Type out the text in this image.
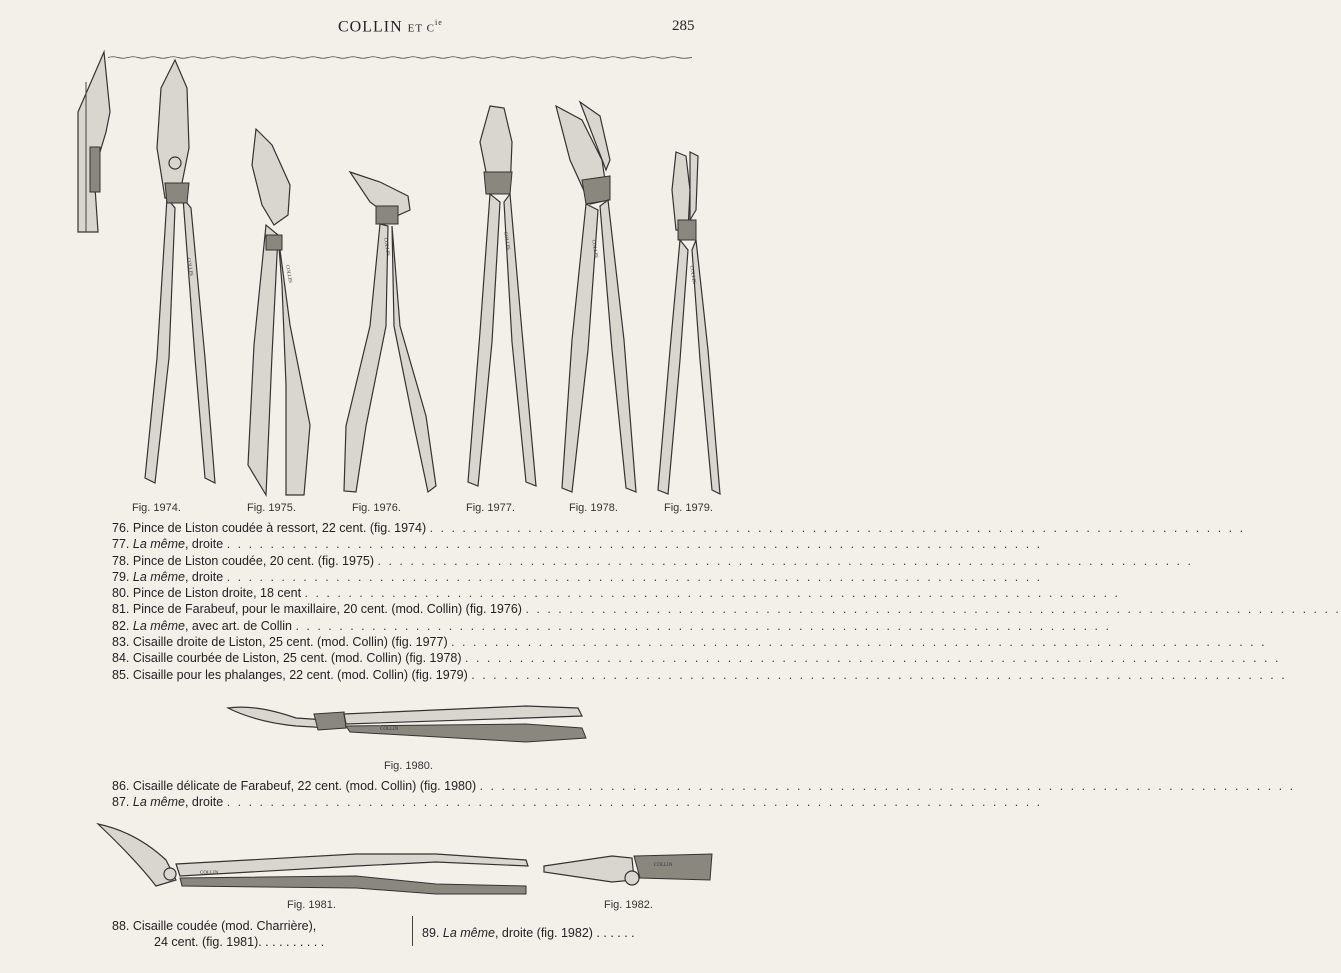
COLLIN ET $C^{ie}$	285
COLLIN	COLLIN
COLLIN	COLLIN	COLLIN
COLLIN
Fig. 1974.	Fig. 1975.	Fig. 1976.	Fig. 1977.	Fig. 1978.	Fig. 1979.
76. Pince de Liston coudée à ressort, 22 cent. (fig. 1974) . . . . . . . . . . . . . . . . . . . . . . . . . . . . . . . . . . . . . . . . . . . . . . . . . . . . . . . . . . . . . . . . . . . . . . . . . . .
77. La même, droite . . . . . . . . . . . . . . . . . . . . . . . . . . . . . . . . . . . . . . . . . . . . . . . . . . . . . . . . . . . . . . . . . . . . . . . . . . .
78. Pince de Liston coudée, 20 cent. (fig. 1975) . . . . . . . . . . . . . . . . . . . . . . . . . . . . . . . . . . . . . . . . . . . . . . . . . . . . . . . . . . . . . . . . . . . . . . . . . . .
79. La même, droite . . . . . . . . . . . . . . . . . . . . . . . . . . . . . . . . . . . . . . . . . . . . . . . . . . . . . . . . . . . . . . . . . . . . . . . . . . .
80. Pince de Liston droite, 18 cent . . . . . . . . . . . . . . . . . . . . . . . . . . . . . . . . . . . . . . . . . . . . . . . . . . . . . . . . . . . . . . . . . . . . . . . . . . .
81. Pince de Farabeuf, pour le maxillaire, 20 cent. (mod. Collin) (fig. 1976) . . . . . . . . . . . . . . . . . . . . . . . . . . . . . . . . . . . . . . . . . . . . . . . . . . . . . . . . . . . . . . . . . . . . . . . . . . .
82. La même, avec art. de Collin . . . . . . . . . . . . . . . . . . . . . . . . . . . . . . . . . . . . . . . . . . . . . . . . . . . . . . . . . . . . . . . . . . . . . . . . . . .
83. Cisaille droite de Liston, 25 cent. (mod. Collin) (fig. 1977) . . . . . . . . . . . . . . . . . . . . . . . . . . . . . . . . . . . . . . . . . . . . . . . . . . . . . . . . . . . . . . . . . . . . . . . . . . .
84. Cisaille courbée de Liston, 25 cent. (mod. Collin) (fig. 1978) . . . . . . . . . . . . . . . . . . . . . . . . . . . . . . . . . . . . . . . . . . . . . . . . . . . . . . . . . . . . . . . . . . . . . . . . . . .
85. Cisaille pour les phalanges, 22 cent. (mod. Collin) (fig. 1979) . . . . . . . . . . . . . . . . . . . . . . . . . . . . . . . . . . . . . . . . . . . . . . . . . . . . . . . . . . . . . . . . . . . . . . . . . . .
COLLIN
Fig. 1980.
86. Cisaille délicate de Farabeuf, 22 cent. (mod. Collin) (fig. 1980) . . . . . . . . . . . . . . . . . . . . . . . . . . . . . . . . . . . . . . . . . . . . . . . . . . . . . . . . . . . . . . . . . . . . . . . . . . .
87. La même, droite . . . . . . . . . . . . . . . . . . . . . . . . . . . . . . . . . . . . . . . . . . . . . . . . . . . . . . . . . . . . . . . . . . . . . . . . . . .
COLLIN
Fig. 1981.
COLLIN
Fig. 1982.
88. Cisaille coudée (mod. Charrière),
24 cent. (fig. 1981). . . . . . . . . .
89. La même, droite (fig. 1982) . . . . . .
